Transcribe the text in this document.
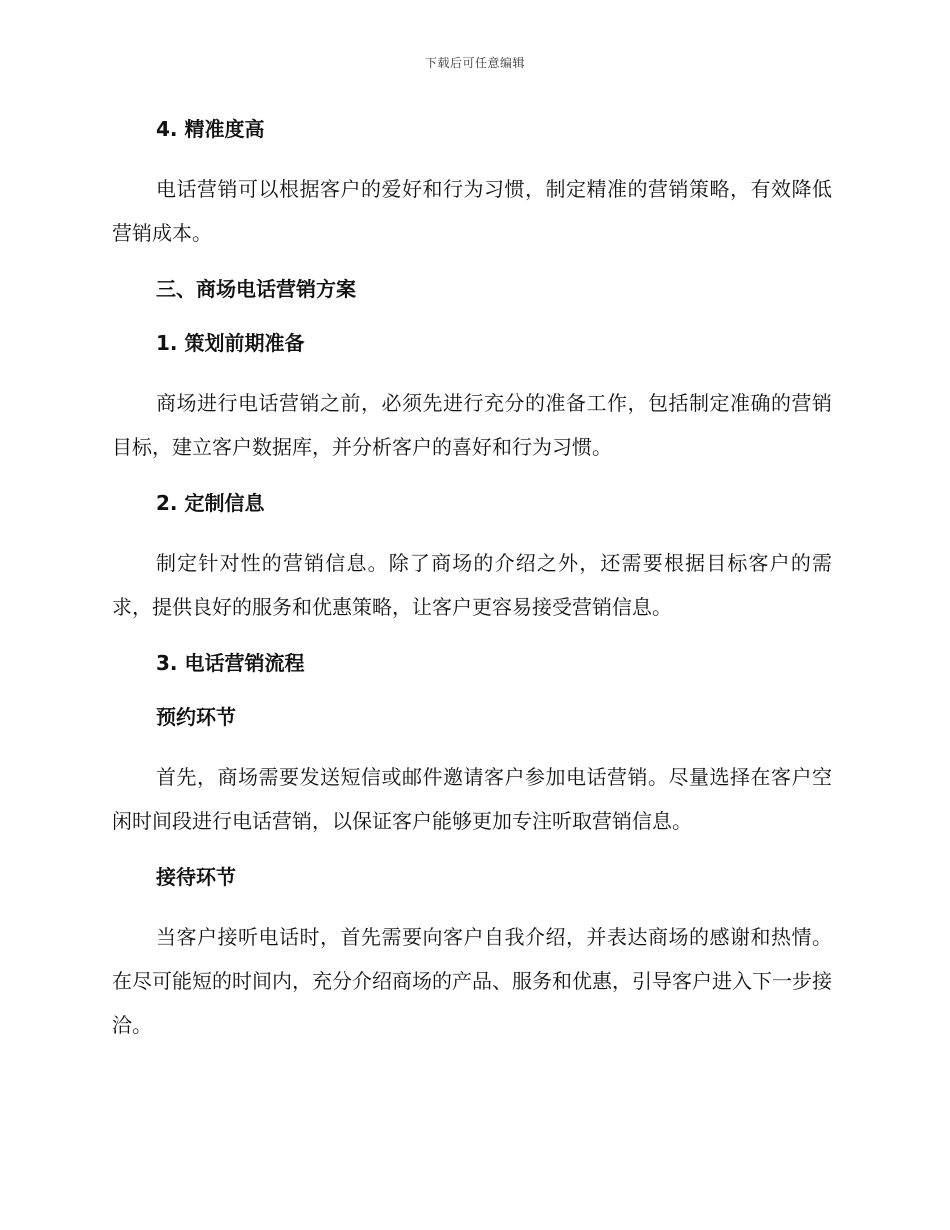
下载后可任意编辑

4. 精准度高

电话营销可以根据客户的爱好和行为习惯，制定精准的营销策略，有效降低营销成本。

三、商场电话营销方案

1. 策划前期准备

商场进行电话营销之前，必须先进行充分的准备工作，包括制定准确的营销目标，建立客户数据库，并分析客户的喜好和行为习惯。

2. 定制信息

制定针对性的营销信息。除了商场的介绍之外，还需要根据目标客户的需求，提供良好的服务和优惠策略，让客户更容易接受营销信息。

3. 电话营销流程

预约环节

首先，商场需要发送短信或邮件邀请客户参加电话营销。尽量选择在客户空闲时间段进行电话营销，以保证客户能够更加专注听取营销信息。

接待环节

当客户接听电话时，首先需要向客户自我介绍，并表达商场的感谢和热情。在尽可能短的时间内，充分介绍商场的产品、服务和优惠，引导客户进入下一步接洽。
